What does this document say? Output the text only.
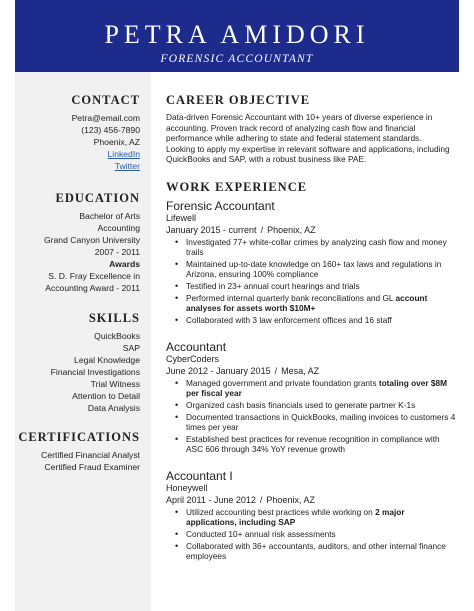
PETRA AMIDORI
FORENSIC ACCOUNTANT
CONTACT
Petra@email.com
(123) 456-7890
Phoenix, AZ
LinkedIn
Twitter
EDUCATION
Bachelor of Arts
Accounting
Grand Canyon University
2007 - 2011
Awards
S. D. Fray Excellence in
Accounting Award - 2011
SKILLS
QuickBooks
SAP
Legal Knowledge
Financial Investigations
Trial Witness
Attention to Detail
Data Analysis
CERTIFICATIONS
Certified Financial Analyst
Certified Fraud Examiner
CAREER OBJECTIVE
Data-driven Forensic Accountant with 10+ years of diverse experience in accounting. Proven track record of analyzing cash flow and financial performance while adhering to state and federal statement standards. Looking to apply my expertise in relevant software and applications, including QuickBooks and SAP, with a robust business like PAE.
WORK EXPERIENCE
Forensic Accountant
Lifewell
January 2015 - current / Phoenix, AZ
• Investigated 77+ white-collar crimes by analyzing cash flow and money trails
• Maintained up-to-date knowledge on 160+ tax laws and regulations in Arizona, ensuring 100% compliance
• Testified in 23+ annual court hearings and trials
• Performed internal quarterly bank reconciliations and GL account analyses for assets worth $10M+
• Collaborated with 3 law enforcement offices and 16 staff
Accountant
CyberCoders
June 2012 - January 2015 / Mesa, AZ
• Managed government and private foundation grants totaling over $8M per fiscal year
• Organized cash basis financials used to generate partner K-1s
• Documented transactions in QuickBooks, mailing invoices to customers 4 times per year
• Established best practices for revenue recognition in compliance with ASC 606 through 34% YoY revenue growth
Accountant I
Honeywell
April 2011 - June 2012 / Phoenix, AZ
• Utilized accounting best practices while working on 2 major applications, including SAP
• Conducted 10+ annual risk assessments
• Collaborated with 36+ accountants, auditors, and other internal finance employees
